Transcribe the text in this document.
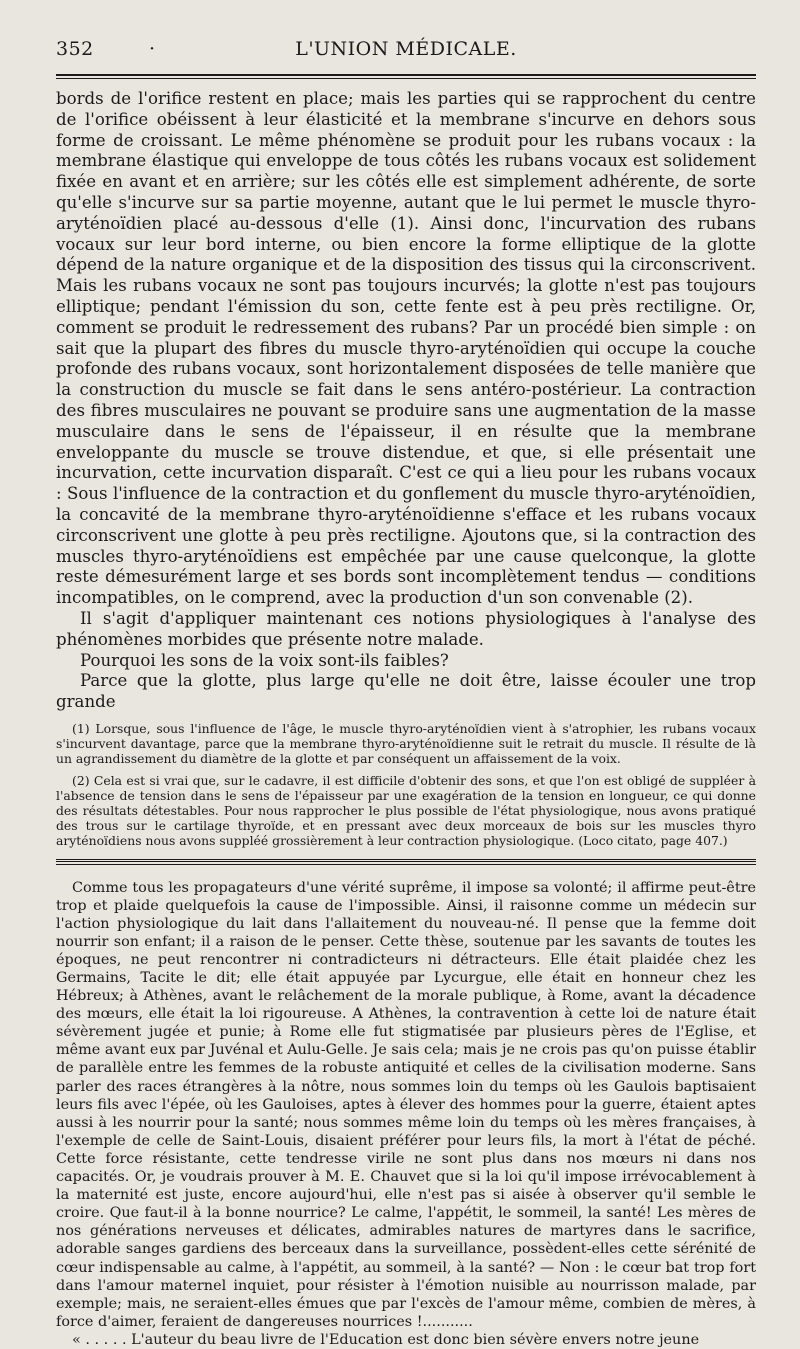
352	·	L'UNION MÉDICALE.

bords de l'orifice restent en place; mais les parties qui se rapprochent du centre de l'orifice obéissent à leur élasticité et la membrane s'incurve en dehors sous forme de croissant. Le même phénomène se produit pour les rubans vocaux : la membrane élastique qui enveloppe de tous côtés les rubans vocaux est solidement fixée en avant et en arrière; sur les côtés elle est simplement adhérente, de sorte qu'elle s'incurve sur sa partie moyenne, autant que le lui permet le muscle thyro-aryténoïdien placé au-dessous d'elle (1). Ainsi donc, l'incurvation des rubans vocaux sur leur bord interne, ou bien encore la forme elliptique de la glotte dépend de la nature organique et de la disposition des tissus qui la circonscrivent. Mais les rubans vocaux ne sont pas toujours incurvés; la glotte n'est pas toujours elliptique; pendant l'émission du son, cette fente est à peu près rectiligne. Or, comment se produit le redressement des rubans? Par un procédé bien simple : on sait que la plupart des fibres du muscle thyro-aryténoïdien qui occupe la couche profonde des rubans vocaux, sont horizontalement disposées de telle manière que la construction du muscle se fait dans le sens antéro-postérieur. La contraction des fibres musculaires ne pouvant se produire sans une augmentation de la masse musculaire dans le sens de l'épaisseur, il en résulte que la membrane enveloppante du muscle se trouve distendue, et que, si elle présentait une incurvation, cette incurvation disparaît. C'est ce qui a lieu pour les rubans vocaux : Sous l'influence de la contraction et du gonflement du muscle thyro-aryténoïdien, la concavité de la membrane thyro-aryténoïdienne s'efface et les rubans vocaux circonscrivent une glotte à peu près rectiligne. Ajoutons que, si la contraction des muscles thyro-aryténoïdiens est empêchée par une cause quelconque, la glotte reste démesurément large et ses bords sont incomplètement tendus — conditions incompatibles, on le comprend, avec la production d'un son convenable (2).

Il s'agit d'appliquer maintenant ces notions physiologiques à l'analyse des phénomènes morbides que présente notre malade.

Pourquoi les sons de la voix sont-ils faibles?

Parce que la glotte, plus large qu'elle ne doit être, laisse écouler une trop grande

(1) Lorsque, sous l'influence de l'âge, le muscle thyro-aryténoïdien vient à s'atrophier, les rubans vocaux s'incurvent davantage, parce que la membrane thyro-aryténoïdienne suit le retrait du muscle. Il résulte de là un agrandissement du diamètre de la glotte et par conséquent un affaissement de la voix.

(2) Cela est si vrai que, sur le cadavre, il est difficile d'obtenir des sons, et que l'on est obligé de suppléer à l'absence de tension dans le sens de l'épaisseur par une exagération de la tension en longueur, ce qui donne des résultats détestables. Pour nous rapprocher le plus possible de l'état physiologique, nous avons pratiqué des trous sur le cartilage thyroïde, et en pressant avec deux morceaux de bois sur les muscles thyro aryténoïdiens nous avons suppléé grossièrement à leur contraction physiologique. (Loco citato, page 407.)

Comme tous les propagateurs d'une vérité suprême, il impose sa volonté; il affirme peut-être trop et plaide quelquefois la cause de l'impossible. Ainsi, il raisonne comme un médecin sur l'action physiologique du lait dans l'allaitement du nouveau-né. Il pense que la femme doit nourrir son enfant; il a raison de le penser. Cette thèse, soutenue par les savants de toutes les époques, ne peut rencontrer ni contradicteurs ni détracteurs. Elle était plaidée chez les Germains, Tacite le dit; elle était appuyée par Lycurgue, elle était en honneur chez les Hébreux; à Athènes, avant le relâchement de la morale publique, à Rome, avant la décadence des mœurs, elle était la loi rigoureuse. A Athènes, la contravention à cette loi de nature était sévèrement jugée et punie; à Rome elle fut stigmatisée par plusieurs pères de l'Eglise, et même avant eux par Juvénal et Aulu-Gelle. Je sais cela; mais je ne crois pas qu'on puisse établir de parallèle entre les femmes de la robuste antiquité et celles de la civilisation moderne. Sans parler des races étrangères à la nôtre, nous sommes loin du temps où les Gaulois baptisaient leurs fils avec l'épée, où les Gauloises, aptes à élever des hommes pour la guerre, étaient aptes aussi à les nourrir pour la santé; nous sommes même loin du temps où les mères françaises, à l'exemple de celle de Saint-Louis, disaient préférer pour leurs fils, la mort à l'état de péché. Cette force résistante, cette tendresse virile ne sont plus dans nos mœurs ni dans nos capacités. Or, je voudrais prouver à M. E. Chauvet que si la loi qu'il impose irrévocablement à la maternité est juste, encore aujourd'hui, elle n'est pas si aisée à observer qu'il semble le croire. Que faut-il à la bonne nourrice? Le calme, l'appétit, le sommeil, la santé! Les mères de nos générations nerveuses et délicates, admirables natures de martyres dans le sacrifice, adorable sanges gardiens des berceaux dans la surveillance, possèdent-elles cette sérénité de cœur indispensable au calme, à l'appétit, au sommeil, à la santé? — Non : le cœur bat trop fort dans l'amour maternel inquiet, pour résister à l'émotion nuisible au nourrisson malade, par exemple; mais, ne seraient-elles émues que par l'excès de l'amour même, combien de mères, à force d'aimer, feraient de dangereuses nourrices !...........

« . . . . . L'auteur du beau livre de l'Education est donc bien sévère envers notre jeune
